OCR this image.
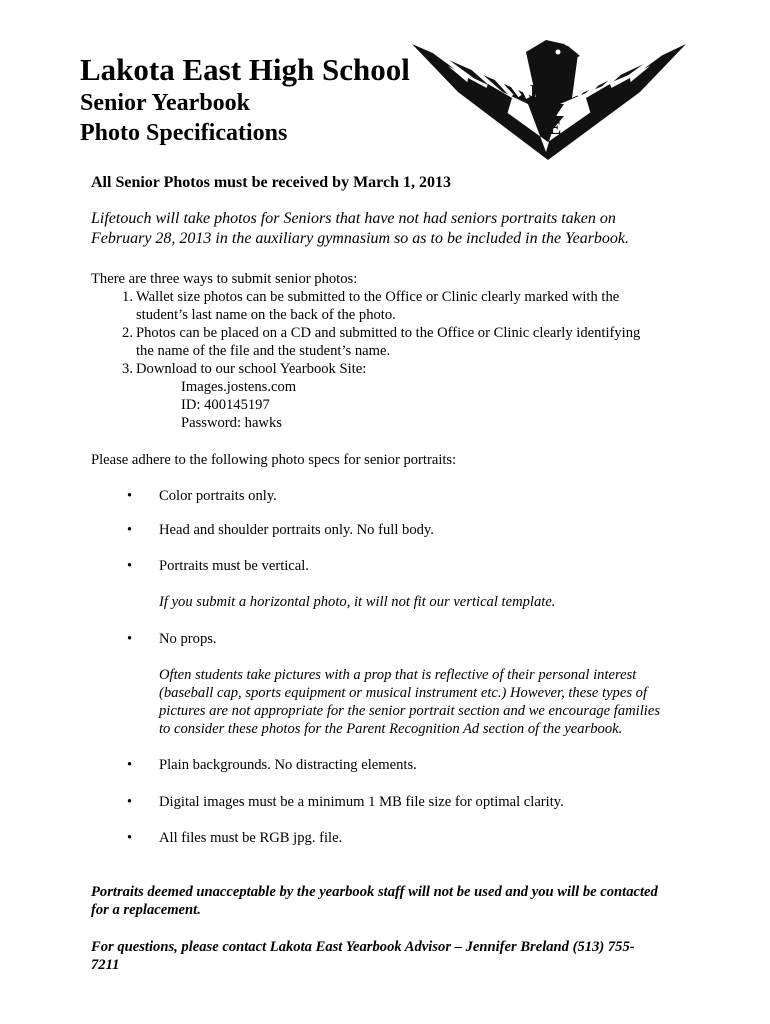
Lakota East High School
Senior Yearbook
Photo Specifications
L
E
All Senior Photos must be received by March 1, 2013
Lifetouch will take photos for Seniors that have not had seniors portraits taken on
February 28, 2013 in the auxiliary gymnasium so as to be included in the Yearbook.
There are three ways to submit senior photos:
1. Wallet size photos can be submitted to the Office or Clinic clearly marked with the
student’s last name on the back of the photo.
2. Photos can be placed on a CD and submitted to the Office or Clinic clearly identifying
the name of the file and the student’s name.
3. Download to our school Yearbook Site:
Images.jostens.com
ID: 400145197
Password: hawks
Please adhere to the following photo specs for senior portraits:
• Color portraits only.
• Head and shoulder portraits only. No full body.
• Portraits must be vertical.
If you submit a horizontal photo, it will not fit our vertical template.
• No props.
Often students take pictures with a prop that is reflective of their personal interest
(baseball cap, sports equipment or musical instrument etc.) However, these types of
pictures are not appropriate for the senior portrait section and we encourage families
to consider these photos for the Parent Recognition Ad section of the yearbook.
• Plain backgrounds. No distracting elements.
• Digital images must be a minimum 1 MB file size for optimal clarity.
• All files must be RGB jpg. file.
Portraits deemed unacceptable by the yearbook staff will not be used and you will be contacted
for a replacement.
For questions, please contact Lakota East Yearbook Advisor – Jennifer Breland (513) 755-
7211
